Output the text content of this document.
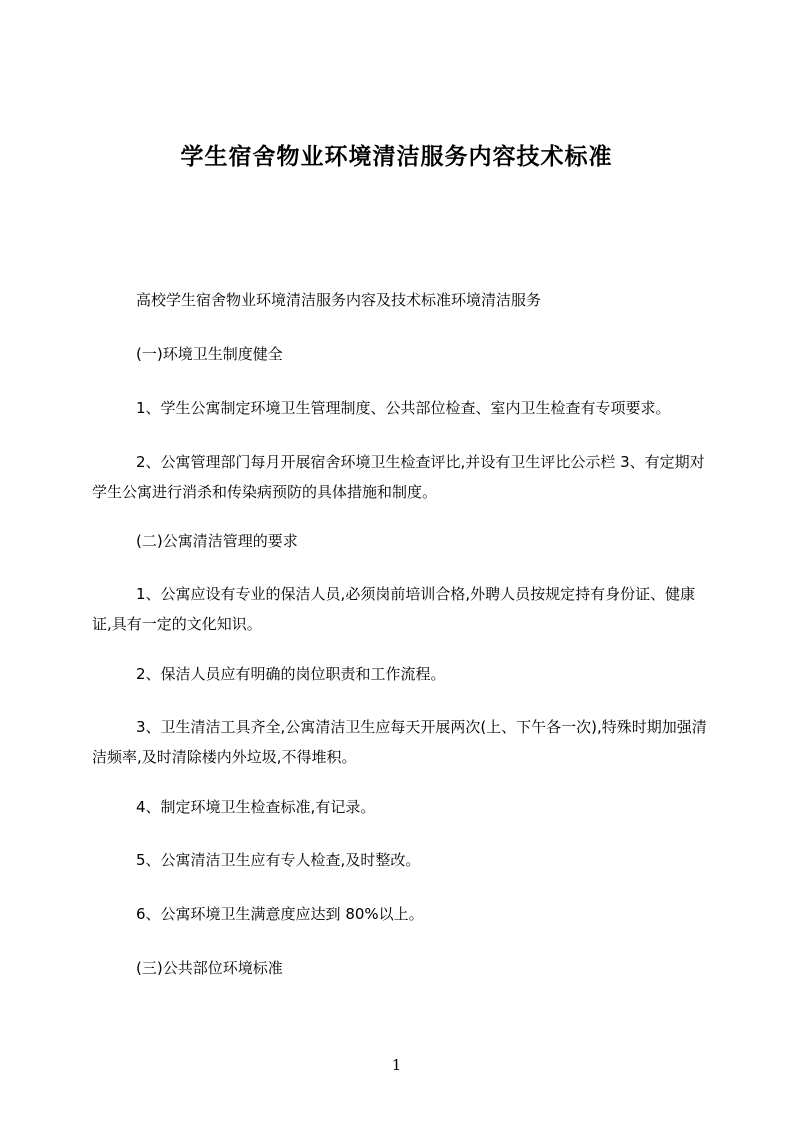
学生宿舍物业环境清洁服务内容技术标准
高校学生宿舍物业环境清洁服务内容及技术标准环境清洁服务
(一)环境卫生制度健全
1、学生公寓制定环境卫生管理制度、公共部位检查、室内卫生检查有专项要求。
2、公寓管理部门每月开展宿舍环境卫生检查评比,并设有卫生评比公示栏 3、有定期对学生公寓进行消杀和传染病预防的具体措施和制度。
(二)公寓清洁管理的要求
1、公寓应设有专业的保洁人员,必须岗前培训合格,外聘人员按规定持有身份证、健康证,具有一定的文化知识。
2、保洁人员应有明确的岗位职责和工作流程。
3、卫生清洁工具齐全,公寓清洁卫生应每天开展两次(上、下午各一次),特殊时期加强清洁频率,及时清除楼内外垃圾,不得堆积。
4、制定环境卫生检查标准,有记录。
5、公寓清洁卫生应有专人检查,及时整改。
6、公寓环境卫生满意度应达到 80%以上。
(三)公共部位环境标准
1
